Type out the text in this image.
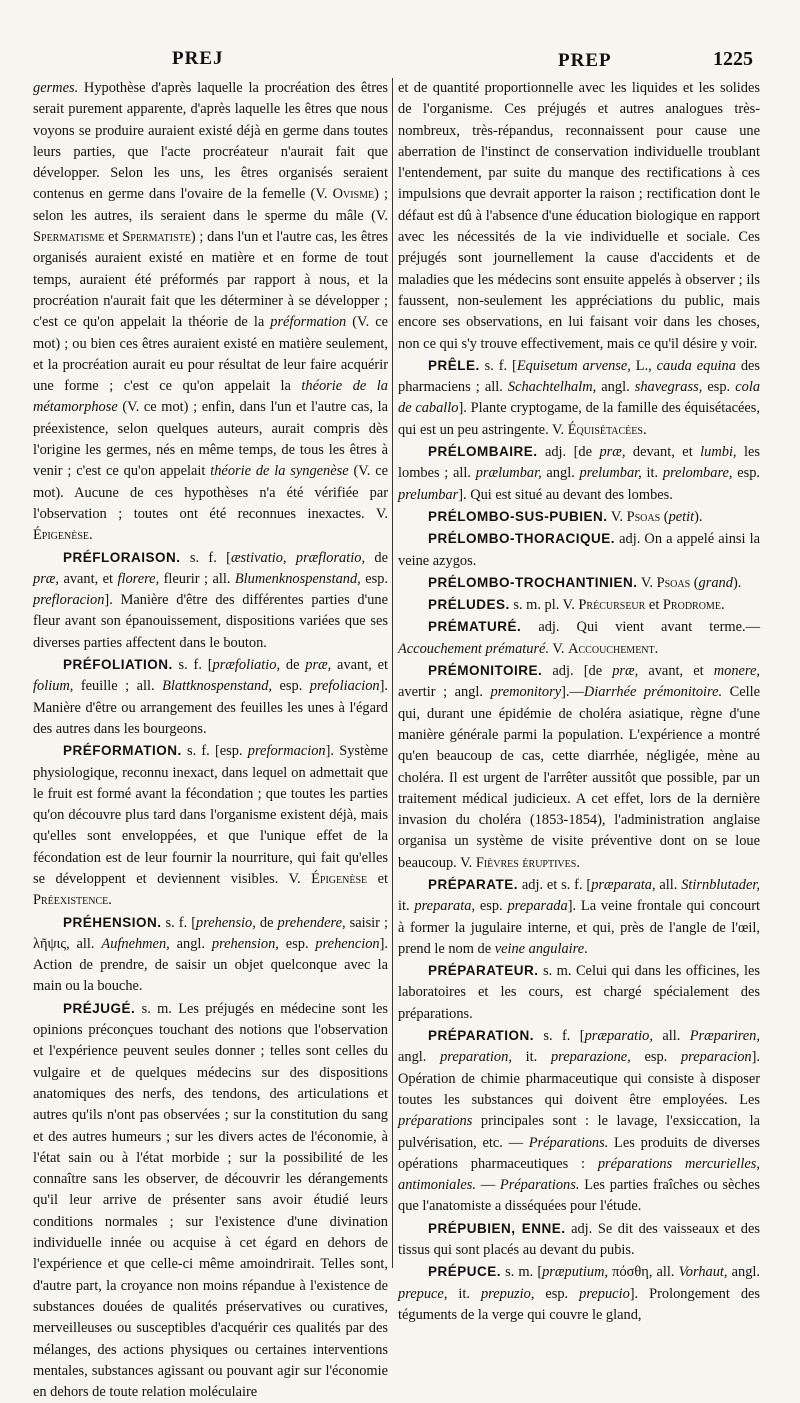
PREJ	PREP	1225

germes. Hypothèse d'après laquelle la procréation des êtres serait purement apparente, d'après laquelle les êtres que nous voyons se produire auraient existé déjà en germe dans toutes leurs parties, que l'acte procréateur n'aurait fait que développer. Selon les uns, les êtres organisés seraient contenus en germe dans l'ovaire de la femelle (V. Ovisme) ; selon les autres, ils seraient dans le sperme du mâle (V. Spermatisme et Spermatiste) ; dans l'un et l'autre cas, les êtres organisés auraient existé en matière et en forme de tout temps, auraient été préformés par rapport à nous, et la procréation n'aurait fait que les déterminer à se développer ; c'est ce qu'on appelait la théorie de la préformation (V. ce mot) ; ou bien ces êtres auraient existé en matière seulement, et la procréation aurait eu pour résultat de leur faire acquérir une forme ; c'est ce qu'on appelait la théorie de la métamorphose (V. ce mot) ; enfin, dans l'un et l'autre cas, la préexistence, selon quelques auteurs, aurait compris dès l'origine les germes, nés en même temps, de tous les êtres à venir ; c'est ce qu'on appelait théorie de la syngenèse (V. ce mot). Aucune de ces hypothèses n'a été vérifiée par l'observation ; toutes ont été reconnues inexactes. V. Épigenèse.

PRÉFLORAISON. s. f. [æstivatio, præfloratio, de præ, avant, et florere, fleurir ; all. Blumenknospenstand, esp. prefloracion]. Manière d'être des différentes parties d'une fleur avant son épanouissement, dispositions variées que ses diverses parties affectent dans le bouton.

PRÉFOLIATION. s. f. [præfoliatio, de præ, avant, et folium, feuille ; all. Blattknospenstand, esp. prefoliacion]. Manière d'être ou arrangement des feuilles les unes à l'égard des autres dans les bourgeons.

PRÉFORMATION. s. f. [esp. preformacion]. Système physiologique, reconnu inexact, dans lequel on admettait que le fruit est formé avant la fécondation ; que toutes les parties qu'on découvre plus tard dans l'organisme existent déjà, mais qu'elles sont enveloppées, et que l'unique effet de la fécondation est de leur fournir la nourriture, qui fait qu'elles se développent et deviennent visibles. V. Épigenèse et Préexistence.

PRÉHENSION. s. f. [prehensio, de prehendere, saisir ; λῆψις, all. Aufnehmen, angl. prehension, esp. prehencion]. Action de prendre, de saisir un objet quelconque avec la main ou la bouche.

PRÉJUGÉ. s. m. Les préjugés en médecine sont les opinions préconçues touchant des notions que l'observation et l'expérience peuvent seules donner ; telles sont celles du vulgaire et de quelques médecins sur des dispositions anatomiques des nerfs, des tendons, des articulations et autres qu'ils n'ont pas observées ; sur la constitution du sang et des autres humeurs ; sur les divers actes de l'économie, à l'état sain ou à l'état morbide ; sur la possibilité de les connaître sans les observer, de découvrir les dérangements qu'il leur arrive de présenter sans avoir étudié leurs conditions normales ; sur l'existence d'une divination individuelle innée ou acquise à cet égard en dehors de l'expérience et que celle-ci même amoindrirait. Telles sont, d'autre part, la croyance non moins répandue à l'existence de substances douées de qualités préservatives ou curatives, merveilleuses ou susceptibles d'acquérir ces qualités par des mélanges, des actions physiques ou certaines interventions mentales, substances agissant ou pouvant agir sur l'économie en dehors de toute relation moléculaire

et de quantité proportionnelle avec les liquides et les solides de l'organisme. Ces préjugés et autres analogues très-nombreux, très-répandus, reconnaissent pour cause une aberration de l'instinct de conservation individuelle troublant l'entendement, par suite du manque des rectifications à ces impulsions que devrait apporter la raison ; rectification dont le défaut est dû à l'absence d'une éducation biologique en rapport avec les nécessités de la vie individuelle et sociale. Ces préjugés sont journellement la cause d'accidents et de maladies que les médecins sont ensuite appelés à observer ; ils faussent, non-seulement les appréciations du public, mais encore ses observations, en lui faisant voir dans les choses, non ce qui s'y trouve effectivement, mais ce qu'il désire y voir.

PRÊLE. s. f. [Equisetum arvense, L., cauda equina des pharmaciens ; all. Schachtelhalm, angl. shavegrass, esp. cola de caballo]. Plante cryptogame, de la famille des équisétacées, qui est un peu astringente. V. Équisétacées.

PRÉLOMBAIRE. adj. [de præ, devant, et lumbi, les lombes ; all. prælumbar, angl. prelumbar, it. prelombare, esp. prelumbar]. Qui est situé au devant des lombes.

PRÉLOMBO-SUS-PUBIEN. V. Psoas (petit).

PRÉLOMBO-THORACIQUE. adj. On a appelé ainsi la veine azygos.

PRÉLOMBO-TROCHANTINIEN. V. Psoas (grand).

PRÉLUDES. s. m. pl. V. Précurseur et Prodrome.

PRÉMATURÉ. adj. Qui vient avant terme.— Accouchement prématuré. V. Accouchement.

PRÉMONITOIRE. adj. [de præ, avant, et monere, avertir ; angl. premonitory].—Diarrhée prémonitoire. Celle qui, durant une épidémie de choléra asiatique, règne d'une manière générale parmi la population. L'expérience a montré qu'en beaucoup de cas, cette diarrhée, négligée, mène au choléra. Il est urgent de l'arrêter aussitôt que possible, par un traitement médical judicieux. A cet effet, lors de la dernière invasion du choléra (1853-1854), l'administration anglaise organisa un système de visite préventive dont on se loue beaucoup. V. Fièvres éruptives.

PRÉPARATE. adj. et s. f. [præparata, all. Stirnblutader, it. preparata, esp. preparada]. La veine frontale qui concourt à former la jugulaire interne, et qui, près de l'angle de l'œil, prend le nom de veine angulaire.

PRÉPARATEUR. s. m. Celui qui dans les officines, les laboratoires et les cours, est chargé spécialement des préparations.

PRÉPARATION. s. f. [præparatio, all. Præpariren, angl. preparation, it. preparazione, esp. preparacion]. Opération de chimie pharmaceutique qui consiste à disposer toutes les substances qui doivent être employées. Les préparations principales sont : le lavage, l'exsiccation, la pulvérisation, etc. — Préparations. Les produits de diverses opérations pharmaceutiques : préparations mercurielles, antimoniales. — Préparations. Les parties fraîches ou sèches que l'anatomiste a disséquées pour l'étude.

PRÉPUBIEN, ENNE. adj. Se dit des vaisseaux et des tissus qui sont placés au devant du pubis.

PRÉPUCE. s. m. [præputium, πόσθη, all. Vorhaut, angl. prepuce, it. prepuzio, esp. prepucio]. Prolongement des téguments de la verge qui couvre le gland,
